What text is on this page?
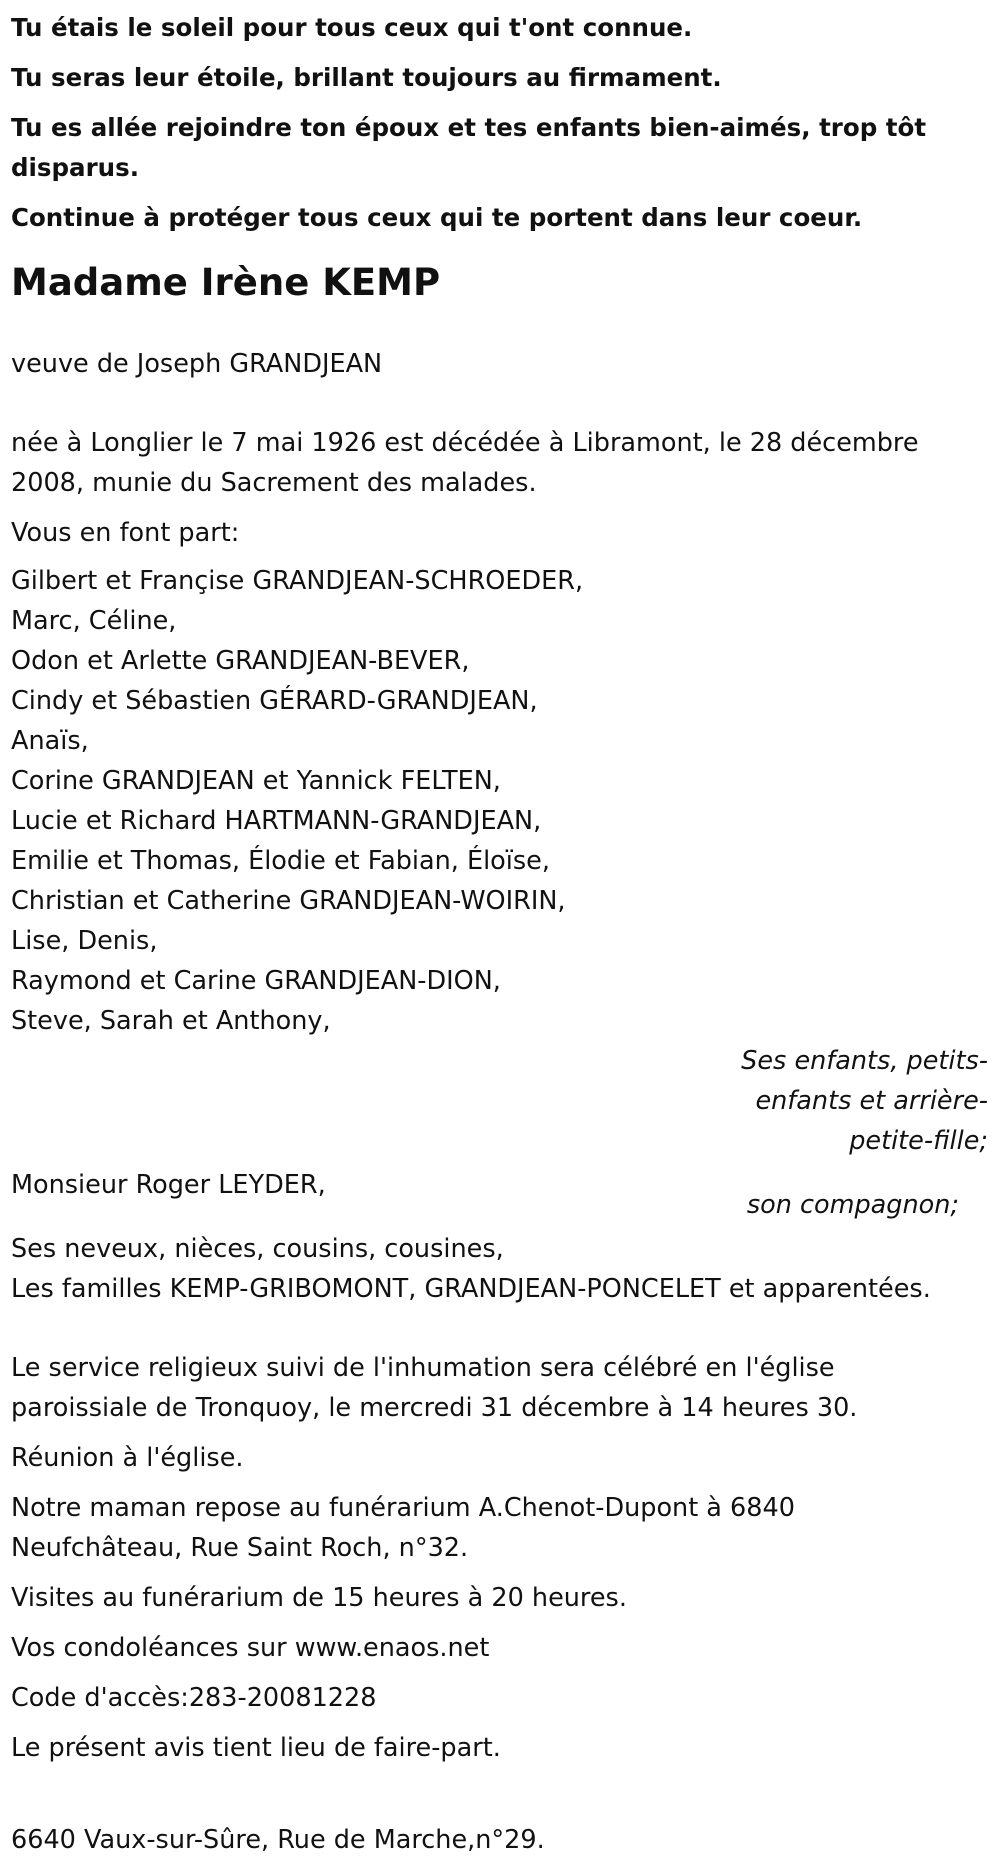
Tu étais le soleil pour tous ceux qui t'ont connue.

Tu seras leur étoile, brillant toujours au firmament.

Tu es allée rejoindre ton époux et tes enfants bien-aimés, trop tôt disparus.

Continue à protéger tous ceux qui te portent dans leur coeur.

Madame Irène KEMP

veuve de Joseph GRANDJEAN

née à Longlier le 7 mai 1926 est décédée à Libramont, le 28 décembre 2008, munie du Sacrement des malades.

Vous en font part:

Gilbert et Françise GRANDJEAN-SCHROEDER,
Marc, Céline,
Odon et Arlette GRANDJEAN-BEVER,
Cindy et Sébastien GÉRARD-GRANDJEAN,
Anaïs,
Corine GRANDJEAN et Yannick FELTEN,
Lucie et Richard HARTMANN-GRANDJEAN,
Emilie et Thomas, Élodie et Fabian, Éloïse,
Christian et Catherine GRANDJEAN-WOIRIN,
Lise, Denis,
Raymond et Carine GRANDJEAN-DION,
Steve, Sarah et Anthony,
Ses enfants, petits-
enfants et arrière-
petite-fille;
Monsieur Roger LEYDER,
son compagnon;
Ses neveux, nièces, cousins, cousines,
Les familles KEMP-GRIBOMONT, GRANDJEAN-PONCELET et apparentées.

Le service religieux suivi de l'inhumation sera célébré en l'église paroissiale de Tronquoy, le mercredi 31 décembre à 14 heures 30.

Réunion à l'église.

Notre maman repose au funérarium A.Chenot-Dupont à 6840 Neufchâteau, Rue Saint Roch, n°32.

Visites au funérarium de 15 heures à 20 heures.

Vos condoléances sur www.enaos.net

Code d'accès:283-20081228

Le présent avis tient lieu de faire-part.

6640 Vaux-sur-Sûre, Rue de Marche,n°29.
